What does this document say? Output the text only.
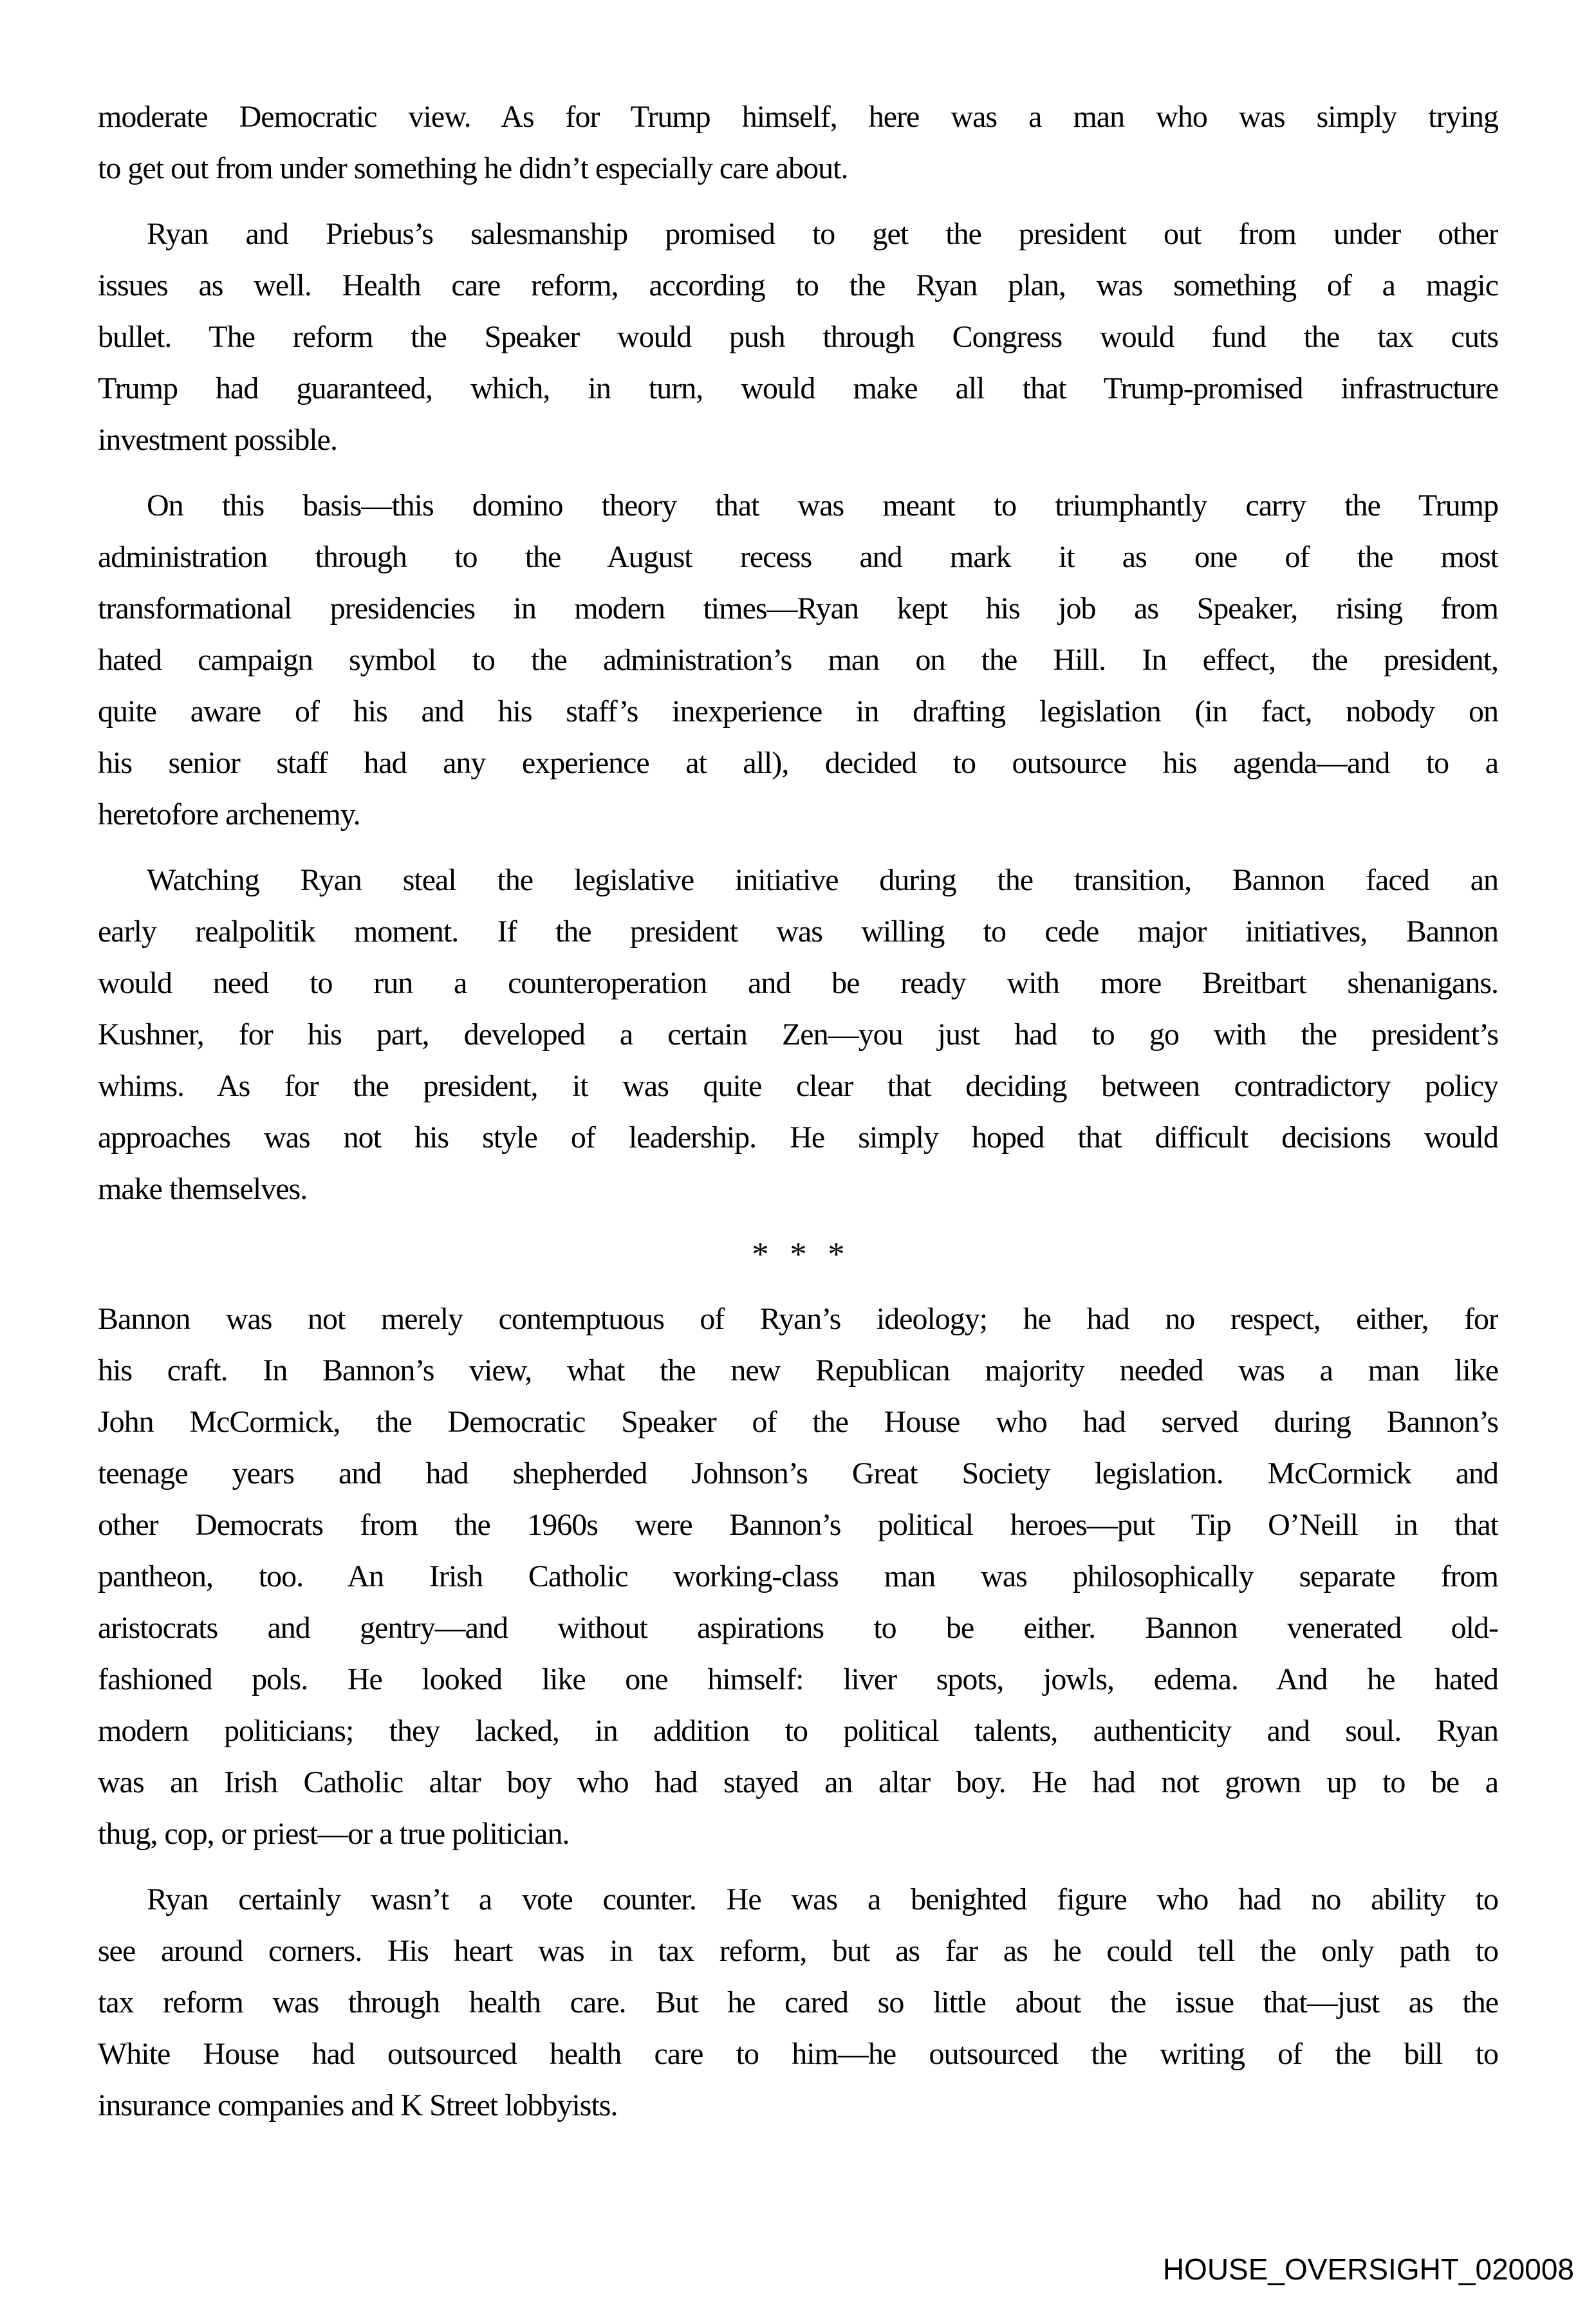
moderate Democratic view. As for Trump himself, here was a man who was simply trying
to get out from under something he didn’t especially care about.
Ryan and Priebus’s salesmanship promised to get the president out from under other
issues as well. Health care reform, according to the Ryan plan, was something of a magic
bullet. The reform the Speaker would push through Congress would fund the tax cuts
Trump had guaranteed, which, in turn, would make all that Trump-promised infrastructure
investment possible.
On this basis—this domino theory that was meant to triumphantly carry the Trump
administration through to the August recess and mark it as one of the most
transformational presidencies in modern times—Ryan kept his job as Speaker, rising from
hated campaign symbol to the administration’s man on the Hill. In effect, the president,
quite aware of his and his staff’s inexperience in drafting legislation (in fact, nobody on
his senior staff had any experience at all), decided to outsource his agenda—and to a
heretofore archenemy.
Watching Ryan steal the legislative initiative during the transition, Bannon faced an
early realpolitik moment. If the president was willing to cede major initiatives, Bannon
would need to run a counteroperation and be ready with more Breitbart shenanigans.
Kushner, for his part, developed a certain Zen—you just had to go with the president’s
whims. As for the president, it was quite clear that deciding between contradictory policy
approaches was not his style of leadership. He simply hoped that difficult decisions would
make themselves.
* * *
Bannon was not merely contemptuous of Ryan’s ideology; he had no respect, either, for
his craft. In Bannon’s view, what the new Republican majority needed was a man like
John McCormick, the Democratic Speaker of the House who had served during Bannon’s
teenage years and had shepherded Johnson’s Great Society legislation. McCormick and
other Democrats from the 1960s were Bannon’s political heroes—put Tip O’Neill in that
pantheon, too. An Irish Catholic working-class man was philosophically separate from
aristocrats and gentry—and without aspirations to be either. Bannon venerated old-
fashioned pols. He looked like one himself: liver spots, jowls, edema. And he hated
modern politicians; they lacked, in addition to political talents, authenticity and soul. Ryan
was an Irish Catholic altar boy who had stayed an altar boy. He had not grown up to be a
thug, cop, or priest—or a true politician.
Ryan certainly wasn’t a vote counter. He was a benighted figure who had no ability to
see around corners. His heart was in tax reform, but as far as he could tell the only path to
tax reform was through health care. But he cared so little about the issue that—just as the
White House had outsourced health care to him—he outsourced the writing of the bill to
insurance companies and K Street lobbyists.
HOUSE_OVERSIGHT_020008
